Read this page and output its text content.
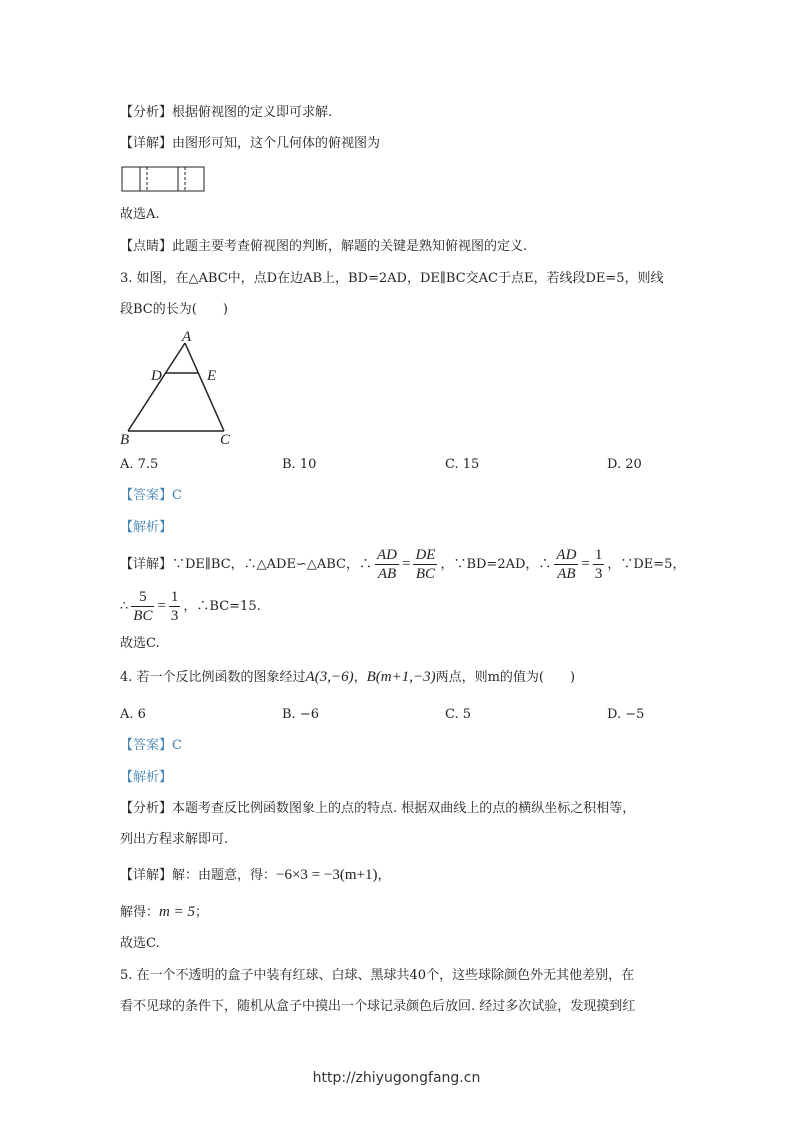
【分析】根据俯视图的定义即可求解.
【详解】由图形可知，这个几何体的俯视图为
故选A.
【点睛】此题主要考查俯视图的判断，解题的关键是熟知俯视图的定义.
3. 如图，在△ABC中，点D在边AB上，BD=2AD，DE∥BC交AC于点E，若线段DE=5，则线
段BC的长为(　　)
A
D	E
B	C
A. 7.5	B. 10	C. 15	D. 20
【答案】C
【解析】
【详解】∵DE∥BC，∴△ADE∽△ABC，∴ $\frac{AD}{AB} = \frac{DE}{BC}$ ，∵BD=2AD，∴ $\frac{AD}{AB} = \frac{1}{3}$ ，∵DE=5，
∴ $\frac{5}{BC} = \frac{1}{3}$ ，∴BC=15.
故选C.
4. 若一个反比例函数的图象经过A(3,−6)，B(m+1,−3)两点，则m的值为(　　)
A. 6	B. −6	C. 5	D. −5
【答案】C
【解析】
【分析】本题考查反比例函数图象上的点的特点. 根据双曲线上的点的横纵坐标之积相等，
列出方程求解即可.
【详解】解：由题意，得：−6×3 = −3(m+1)，
解得：m = 5；
故选C.
5. 在一个不透明的盒子中装有红球、白球、黑球共40个，这些球除颜色外无其他差别，在
看不见球的条件下，随机从盒子中摸出一个球记录颜色后放回. 经过多次试验，发现摸到红
http://zhiyugongfang.cn
